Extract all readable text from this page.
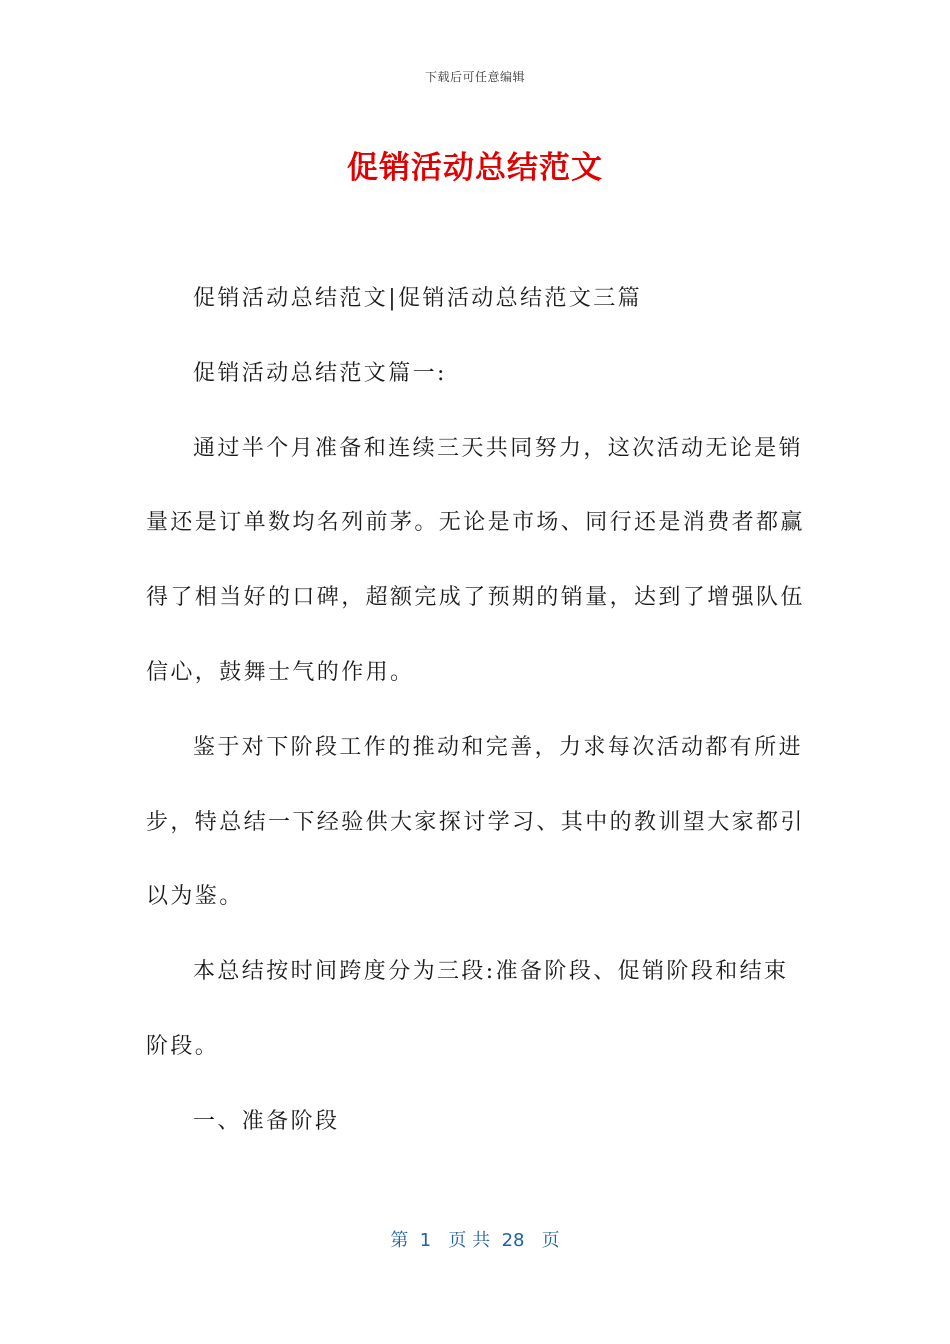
下载后可任意编辑
促销活动总结范文

促销活动总结范文|促销活动总结范文三篇

促销活动总结范文篇一:

通过半个月准备和连续三天共同努力，这次活动无论是销量还是订单数均名列前茅。无论是市场、同行还是消费者都赢得了相当好的口碑，超额完成了预期的销量，达到了增强队伍信心，鼓舞士气的作用。

鉴于对下阶段工作的推动和完善，力求每次活动都有所进步，特总结一下经验供大家探讨学习、其中的教训望大家都引以为鉴。

本总结按时间跨度分为三段:准备阶段、促销阶段和结束阶段。

一、准备阶段

第  1   页 共  28   页
